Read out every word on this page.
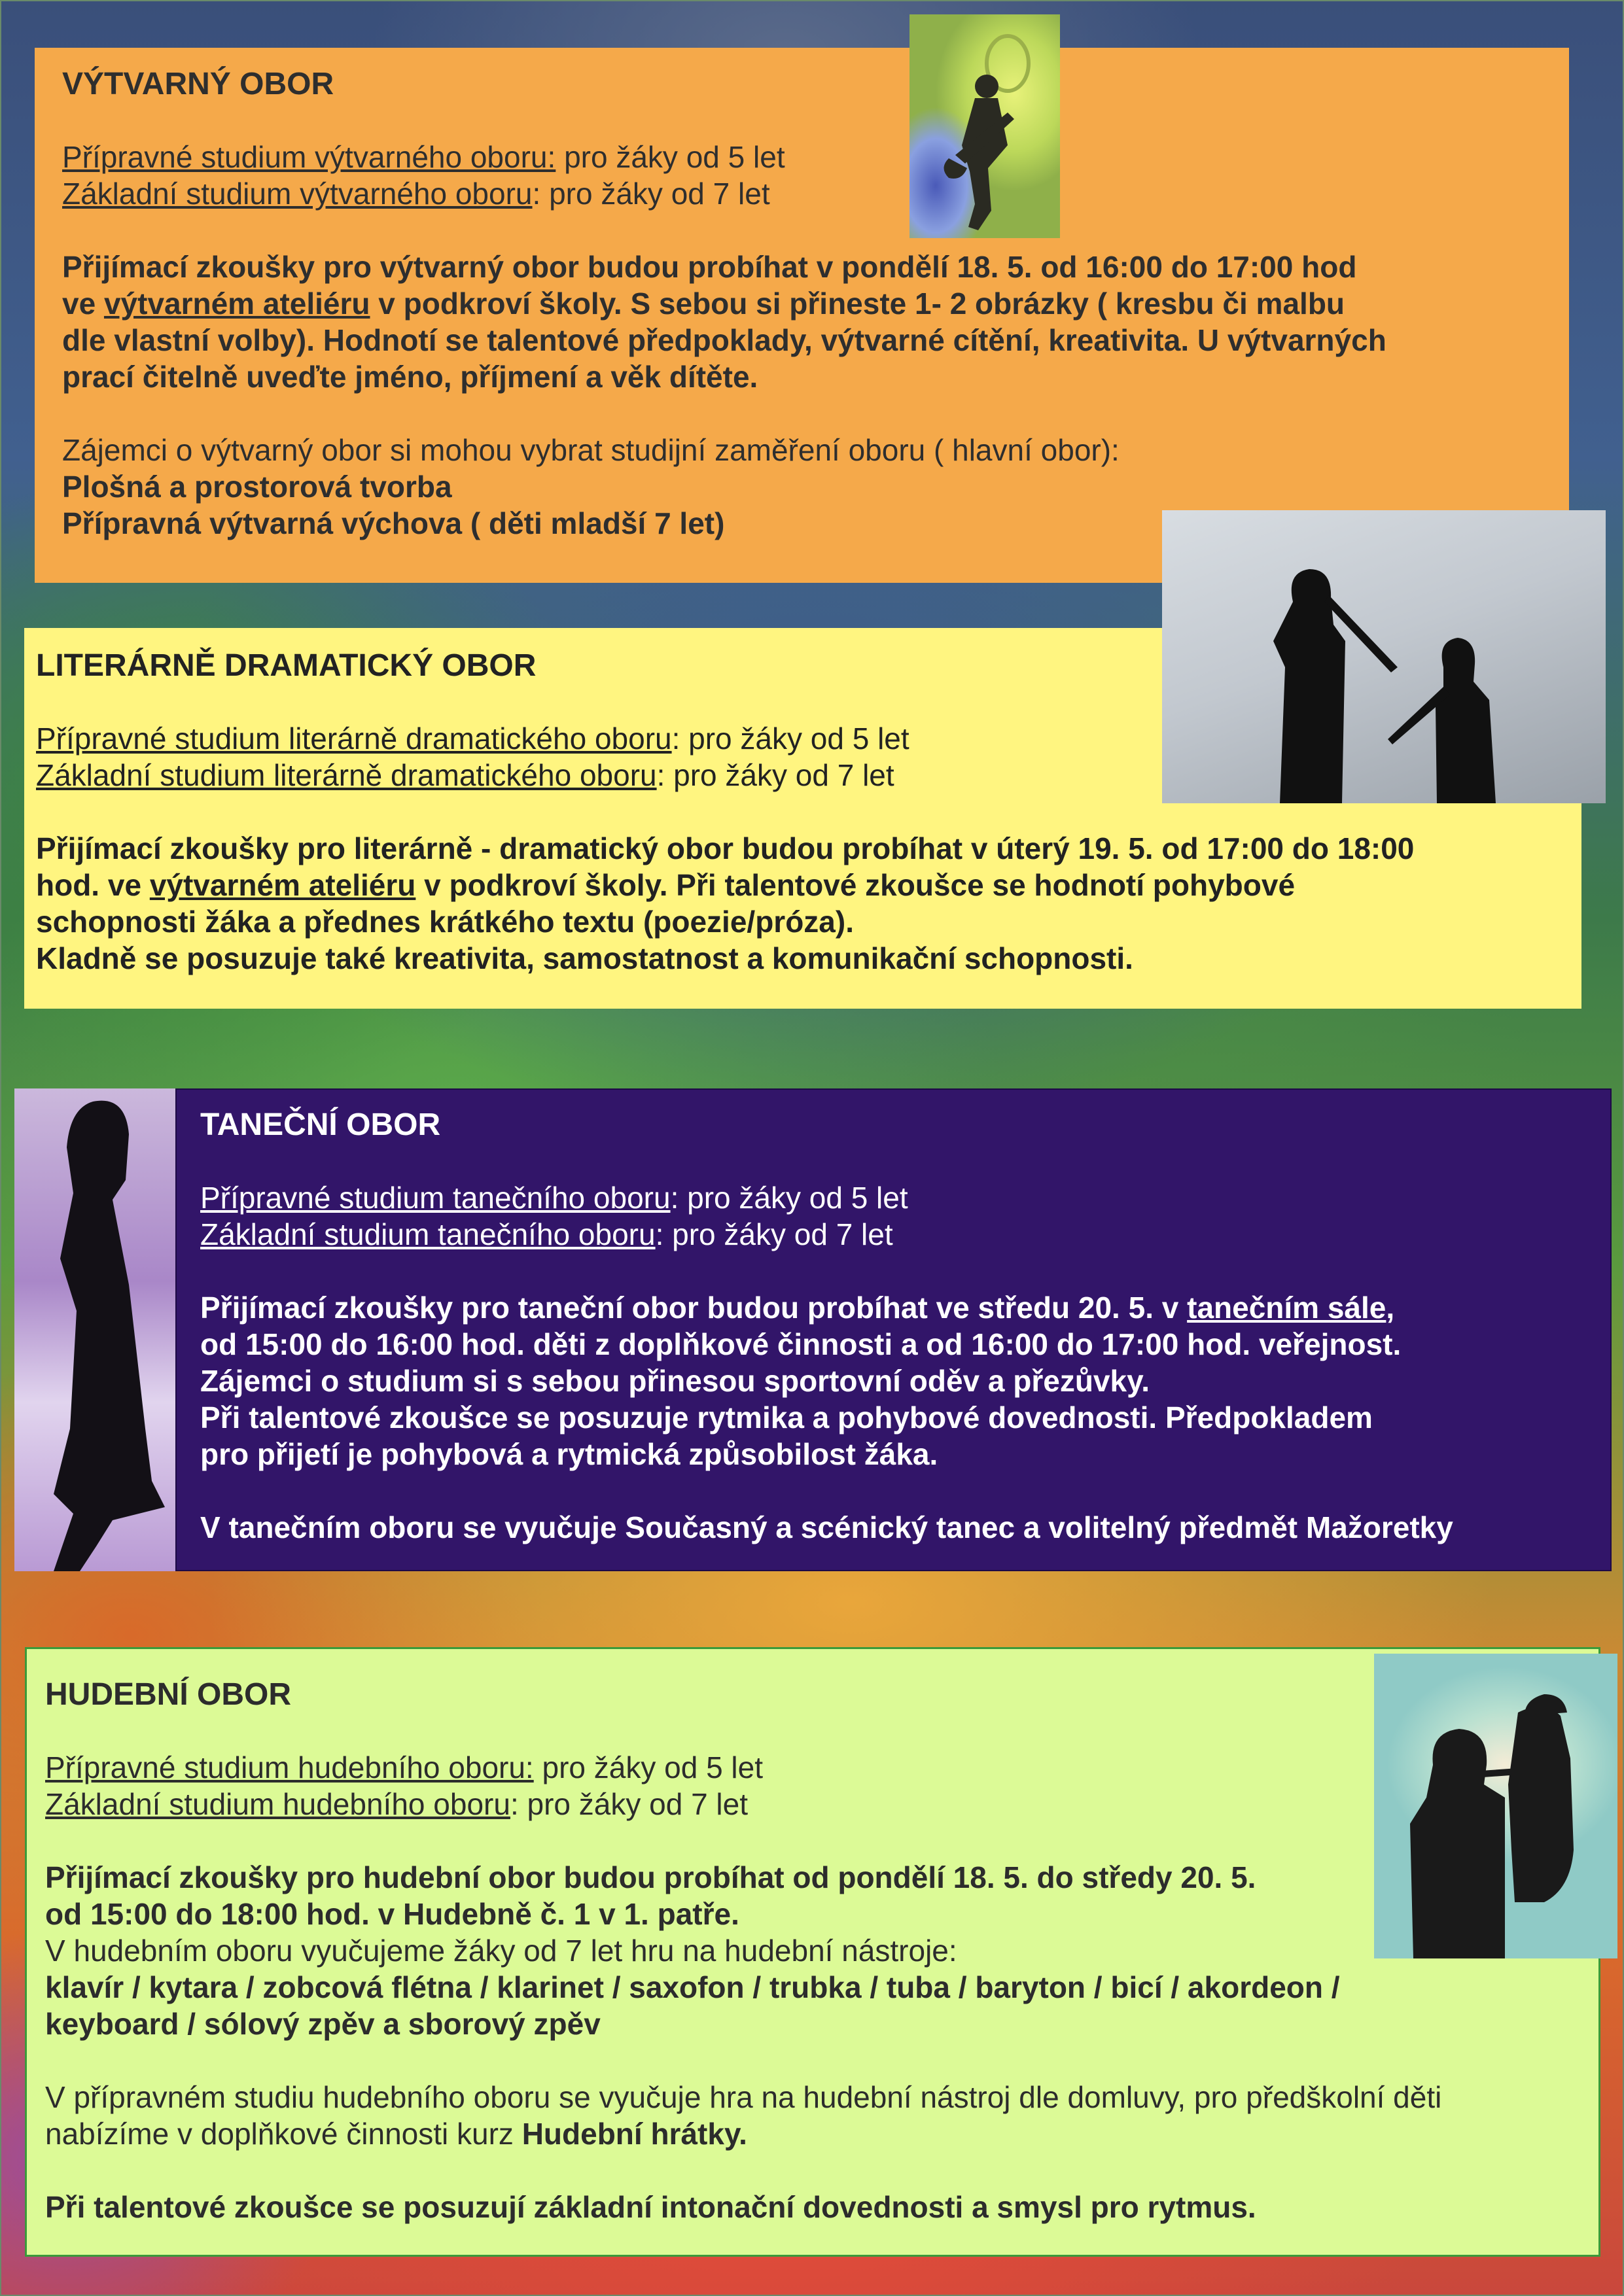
VÝTVARNÝ OBOR

Přípravné studium výtvarného oboru: pro žáky od 5 let

Základní studium výtvarného oboru: pro žáky od 7 let

Přijímací zkoušky pro výtvarný obor budou probíhat v pondělí 18. 5. od 16:00 do 17:00 hod

ve výtvarném ateliéru v podkroví školy. S sebou si přineste 1- 2 obrázky ( kresbu či malbu

dle vlastní volby). Hodnotí se talentové předpoklady, výtvarné cítění, kreativita. U výtvarných

prací čitelně uveďte jméno, příjmení a věk dítěte.

Zájemci o výtvarný obor si mohou vybrat studijní zaměření oboru ( hlavní obor):

Plošná a prostorová tvorba

Přípravná výtvarná výchova ( děti mladší 7 let)

LITERÁRNĚ DRAMATICKÝ OBOR

Přípravné studium literárně dramatického oboru: pro žáky od 5 let

Základní studium literárně dramatického oboru: pro žáky od 7 let

Přijímací zkoušky pro literárně - dramatický obor budou probíhat v úterý 19. 5. od 17:00 do 18:00

hod. ve výtvarném ateliéru v podkroví školy. Při talentové zkoušce se hodnotí pohybové

schopnosti žáka a přednes krátkého textu (poezie/próza).

Kladně se posuzuje také kreativita, samostatnost a komunikační schopnosti.

TANEČNÍ OBOR

Přípravné studium tanečního oboru: pro žáky od 5 let

Základní studium tanečního oboru: pro žáky od 7 let

Přijímací zkoušky pro taneční obor budou probíhat ve středu 20. 5. v tanečním sále,

od 15:00 do 16:00 hod. děti z doplňkové činnosti a od 16:00 do 17:00 hod. veřejnost.

Zájemci o studium si s sebou přinesou sportovní oděv a přezůvky.

Při talentové zkoušce se posuzuje rytmika a pohybové dovednosti. Předpokladem

pro přijetí je pohybová a rytmická způsobilost žáka.

V tanečním oboru se vyučuje Současný a scénický tanec a volitelný předmět Mažoretky

HUDEBNÍ OBOR

Přípravné studium hudebního oboru: pro žáky od 5 let

Základní studium hudebního oboru: pro žáky od 7 let

Přijímací zkoušky pro hudební obor budou probíhat od pondělí 18. 5. do středy 20. 5.

od 15:00 do 18:00 hod. v Hudebně č. 1 v 1. patře.

V hudebním oboru vyučujeme žáky od 7 let hru na hudební nástroje:

klavír / kytara / zobcová flétna / klarinet / saxofon / trubka / tuba / baryton / bicí / akordeon /

keyboard / sólový zpěv a sborový zpěv

V přípravném studiu hudebního oboru se vyučuje hra na hudební nástroj dle domluvy, pro předškolní děti

nabízíme v doplňkové činnosti kurz Hudební hrátky.

Při talentové zkoušce se posuzují základní intonační dovednosti a smysl pro rytmus.
